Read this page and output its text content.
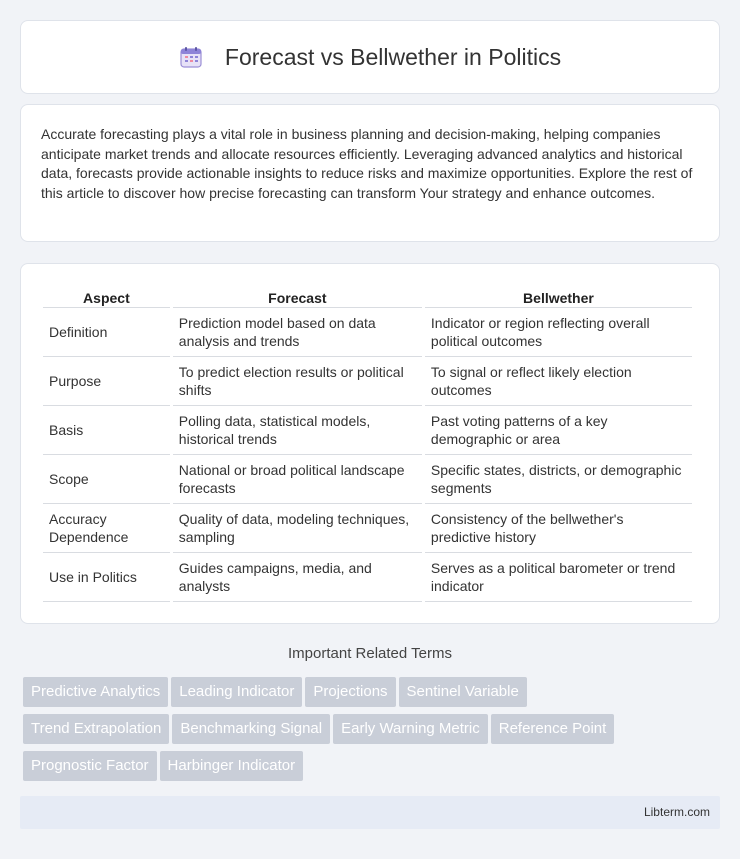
Forecast vs Bellwether in Politics

Accurate forecasting plays a vital role in business planning and decision-making, helping companies anticipate market trends and allocate resources efficiently. Leveraging advanced analytics and historical data, forecasts provide actionable insights to reduce risks and maximize opportunities. Explore the rest of this article to discover how precise forecasting can transform Your strategy and enhance outcomes.

Aspect	Forecast	Bellwether
Definition	Prediction model based on data analysis and trends	Indicator or region reflecting overall political outcomes
Purpose	To predict election results or political shifts	To signal or reflect likely election outcomes
Basis	Polling data, statistical models, historical trends	Past voting patterns of a key demographic or area
Scope	National or broad political landscape forecasts	Specific states, districts, or demographic segments
Accuracy Dependence	Quality of data, modeling techniques, sampling	Consistency of the bellwether's predictive history
Use in Politics	Guides campaigns, media, and analysts	Serves as a political barometer or trend indicator
Important Related Terms
Predictive Analytics Leading Indicator Projections Sentinel Variable
Trend Extrapolation Benchmarking Signal Early Warning Metric Reference Point
Prognostic Factor Harbinger Indicator
Libterm.com
